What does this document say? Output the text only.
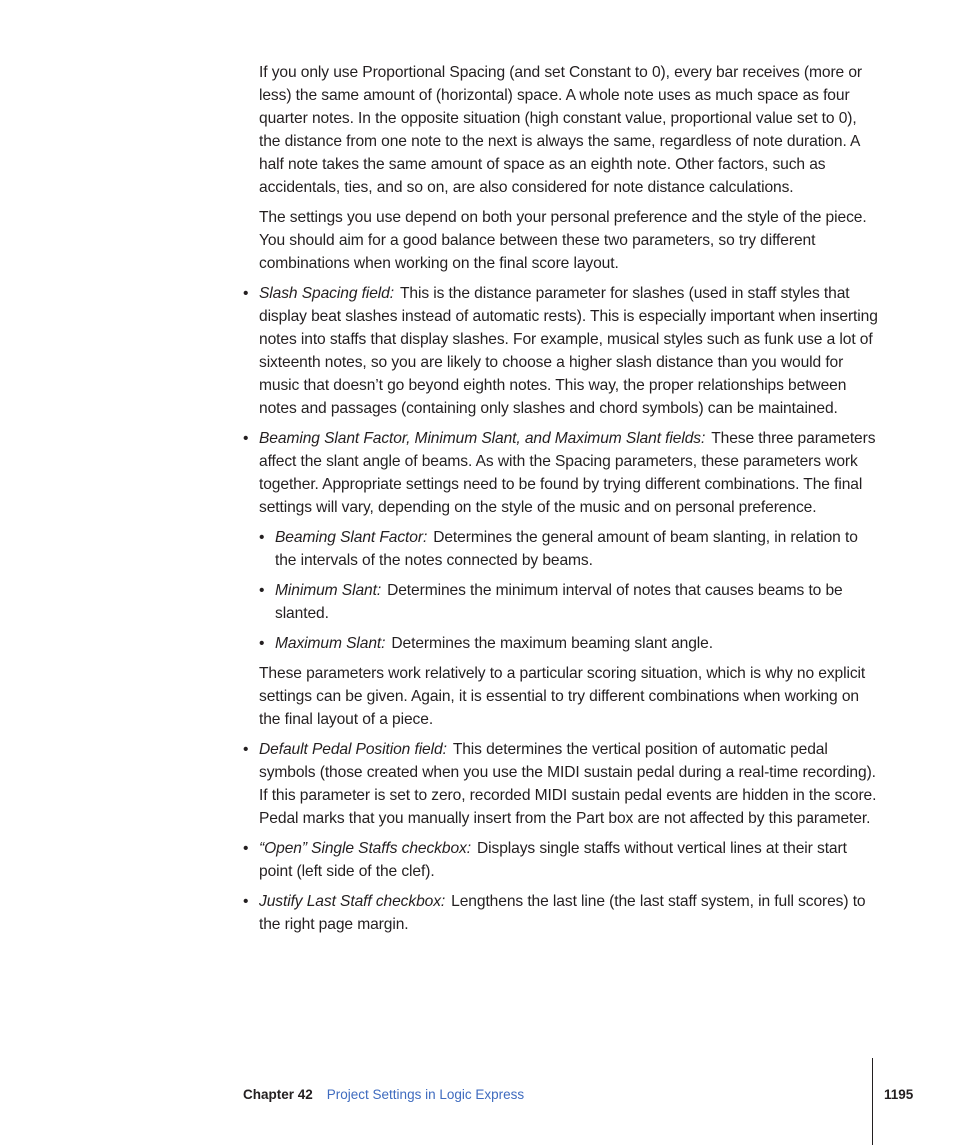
If you only use Proportional Spacing (and set Constant to 0), every bar receives (more or less) the same amount of (horizontal) space. A whole note uses as much space as four quarter notes. In the opposite situation (high constant value, proportional value set to 0), the distance from one note to the next is always the same, regardless of note duration. A half note takes the same amount of space as an eighth note. Other factors, such as accidentals, ties, and so on, are also considered for note distance calculations.

The settings you use depend on both your personal preference and the style of the piece. You should aim for a good balance between these two parameters, so try different combinations when working on the final score layout.

• Slash Spacing field: This is the distance parameter for slashes (used in staff styles that display beat slashes instead of automatic rests). This is especially important when inserting notes into staffs that display slashes. For example, musical styles such as funk use a lot of sixteenth notes, so you are likely to choose a higher slash distance than you would for music that doesn’t go beyond eighth notes. This way, the proper relationships between notes and passages (containing only slashes and chord symbols) can be maintained.
• Beaming Slant Factor, Minimum Slant, and Maximum Slant fields: These three parameters affect the slant angle of beams. As with the Spacing parameters, these parameters work together. Appropriate settings need to be found by trying different combinations. The final settings will vary, depending on the style of the music and on personal preference.
• Beaming Slant Factor: Determines the general amount of beam slanting, in relation to the intervals of the notes connected by beams.
• Minimum Slant: Determines the minimum interval of notes that causes beams to be slanted.
• Maximum Slant: Determines the maximum beaming slant angle.

These parameters work relatively to a particular scoring situation, which is why no explicit settings can be given. Again, it is essential to try different combinations when working on the final layout of a piece.

• Default Pedal Position field: This determines the vertical position of automatic pedal symbols (those created when you use the MIDI sustain pedal during a real-time recording). If this parameter is set to zero, recorded MIDI sustain pedal events are hidden in the score. Pedal marks that you manually insert from the Part box are not affected by this parameter.
• “Open” Single Staffs checkbox: Displays single staffs without vertical lines at their start point (left side of the clef).
• Justify Last Staff checkbox: Lengthens the last line (the last staff system, in full scores) to the right page margin.
Chapter 42 Project Settings in Logic Express	1195
